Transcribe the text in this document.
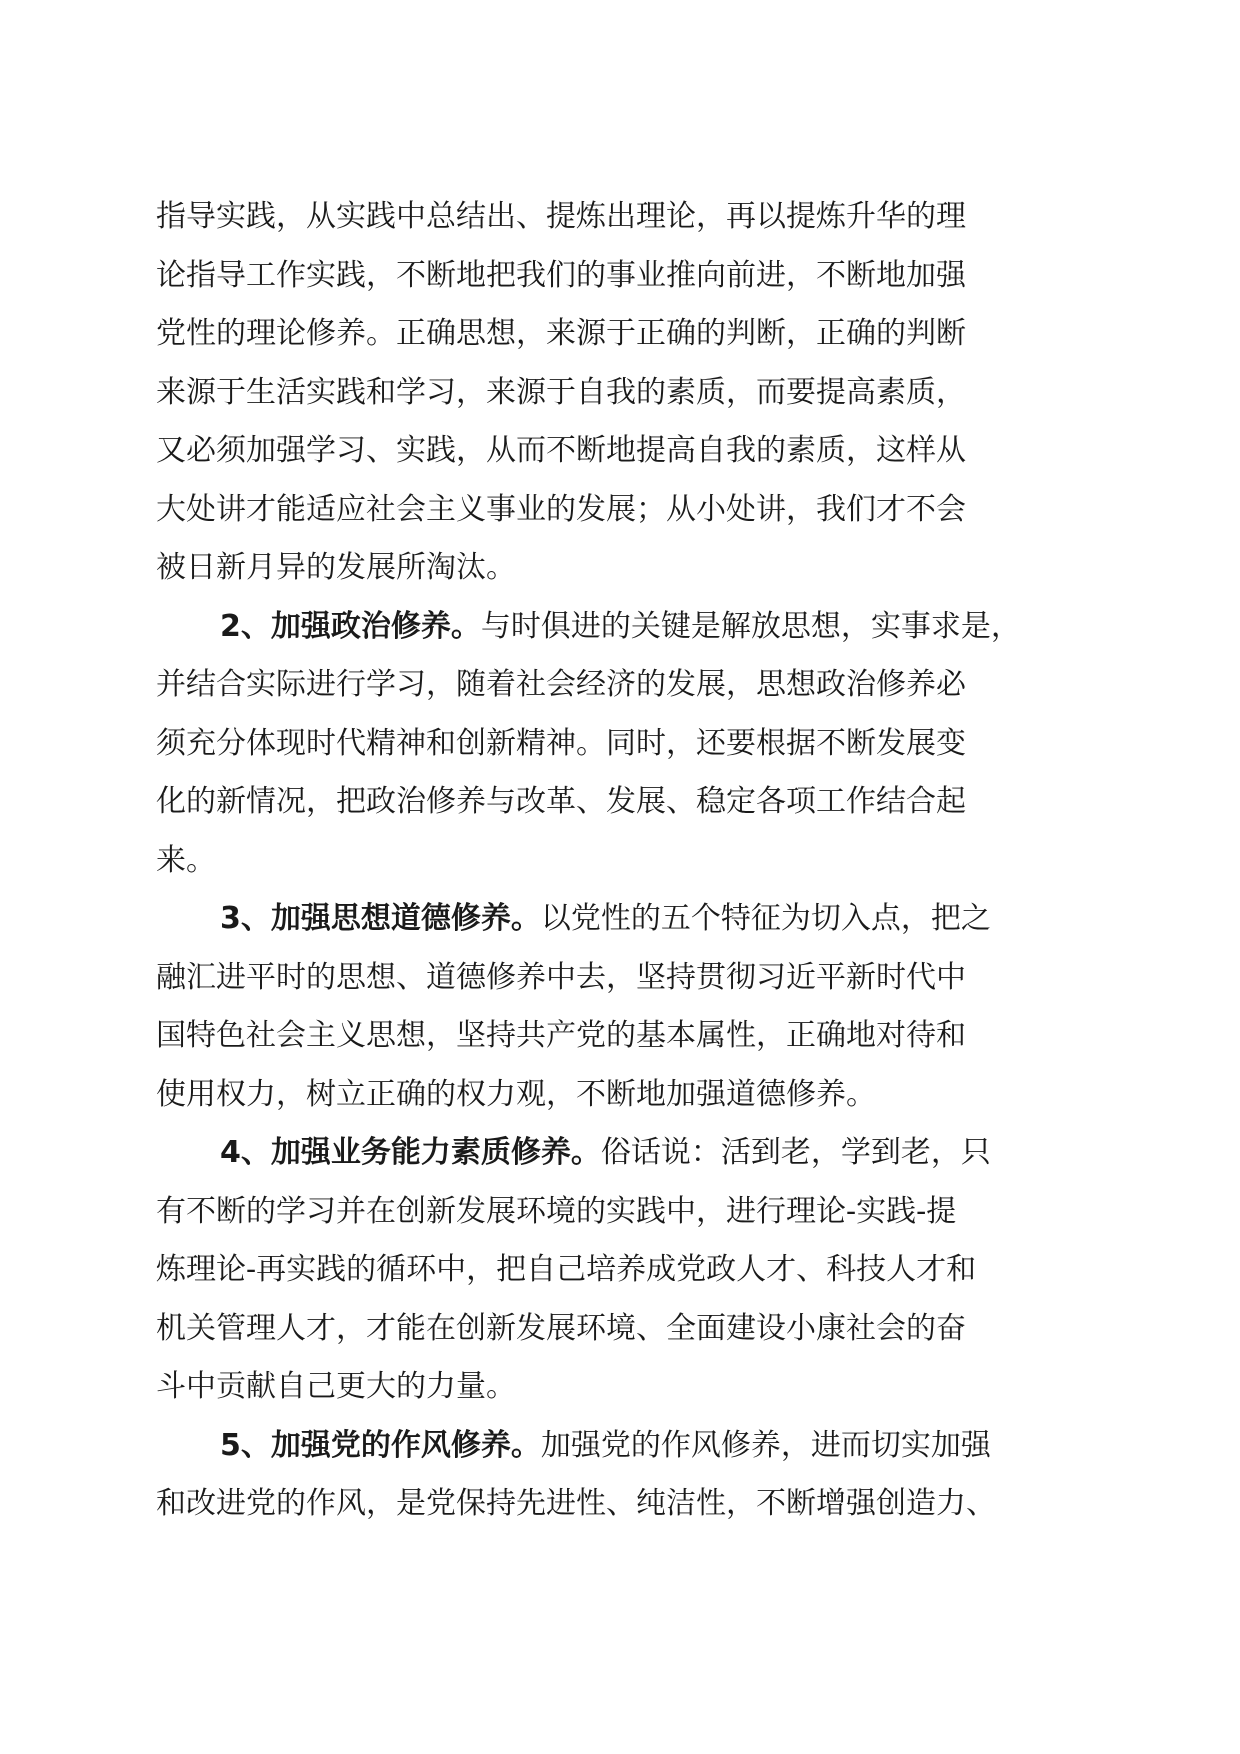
指导实践，从实践中总结出、提炼出理论，再以提炼升华的理
论指导工作实践，不断地把我们的事业推向前进，不断地加强
党性的理论修养。正确思想，来源于正确的判断，正确的判断
来源于生活实践和学习，来源于自我的素质，而要提高素质，
又必须加强学习、实践，从而不断地提高自我的素质，这样从
大处讲才能适应社会主义事业的发展；从小处讲，我们才不会
被日新月异的发展所淘汰。
2、加强政治修养。与时俱进的关键是解放思想，实事求是，
并结合实际进行学习，随着社会经济的发展，思想政治修养必
须充分体现时代精神和创新精神。同时，还要根据不断发展变
化的新情况，把政治修养与改革、发展、稳定各项工作结合起
来。
3、加强思想道德修养。以党性的五个特征为切入点，把之
融汇进平时的思想、道德修养中去，坚持贯彻习近平新时代中
国特色社会主义思想，坚持共产党的基本属性，正确地对待和
使用权力，树立正确的权力观，不断地加强道德修养。
4、加强业务能力素质修养。俗话说：活到老，学到老，只
有不断的学习并在创新发展环境的实践中，进行理论-实践-提
炼理论-再实践的循环中，把自己培养成党政人才、科技人才和
机关管理人才，才能在创新发展环境、全面建设小康社会的奋
斗中贡献自己更大的力量。
5、加强党的作风修养。加强党的作风修养，进而切实加强
和改进党的作风，是党保持先进性、纯洁性，不断增强创造力、
